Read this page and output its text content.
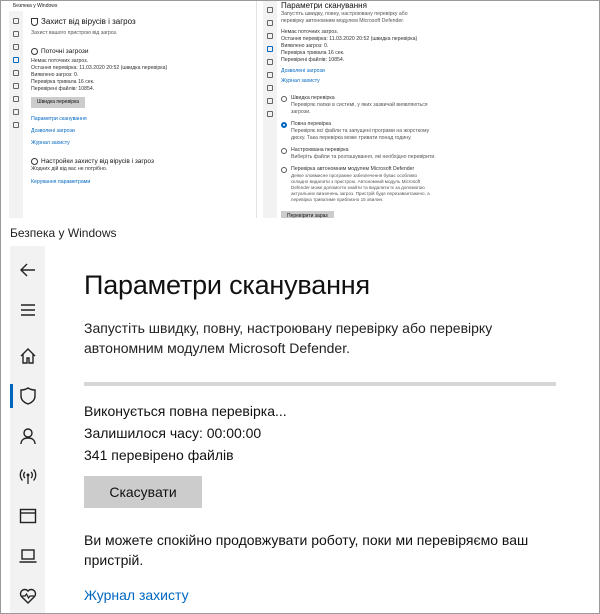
Безпека у Windows
Захист від вірусів і загроз
Захист вашого пристрою від загроз.
Поточні загрози
Немає поточних загроз.
Остання перевірка: 11.03.2020 20:52 (швидка перевірка)
Виявлено загроз: 0.
Перевірка тривала 16 сек.
Перевірені файлів: 10854.
Швидка перевірка
Параметри сканування
Дозволені загрози
Журнал захисту
Настройки захисту від вірусів і загроз
Жодних дій від вас не потрібно.
Керування параметрами
Параметри сканування
Запустіть швидку, повну, настроювану перевірку або перевірку автономним модулем Microsoft Defender.
Немає поточних загроз.
Остання перевірка: 11.03.2020 20:52 (швидка перевірка)
Виявлено загроз: 0.
Перевірка тривала 16 сек.
Перевірені файлів: 10854.
Дозволені загрози
Журнал захисту
Швидка перевірка
Перевіряє папки в системі, у яких зазвичай виявляються загрози.
Повна перевірка
Перевіряє всі файли та запущені програми на жорсткому диску. Така перевірка може тривати понад годину.
Настроювана перевірка
Виберіть файли та розташування, які необхідно перевірити.
Перевірка автономним модулем Microsoft Defender
Деяке зловмисне програмне забезпечення буває особливо складно видалити з пристрою. Автономний модуль Microsoft Defender може допомогти знайти та видалити їх за допомогою актуальних визначень загроз. Пристрій буде перезавантажено, а перевірка триватиме приблизно 15 хвилин.
Перевірити зараз
Безпека у Windows
Параметри сканування
Запустіть швидку, повну, настроювану перевірку або перевірку автономним модулем Microsoft Defender.
Виконується повна перевірка...
Залишилося часу: 00:00:00
341 перевірено файлів
Скасувати
Ви можете спокійно продовжувати роботу, поки ми перевіряємо ваш пристрій.
Журнал захисту
